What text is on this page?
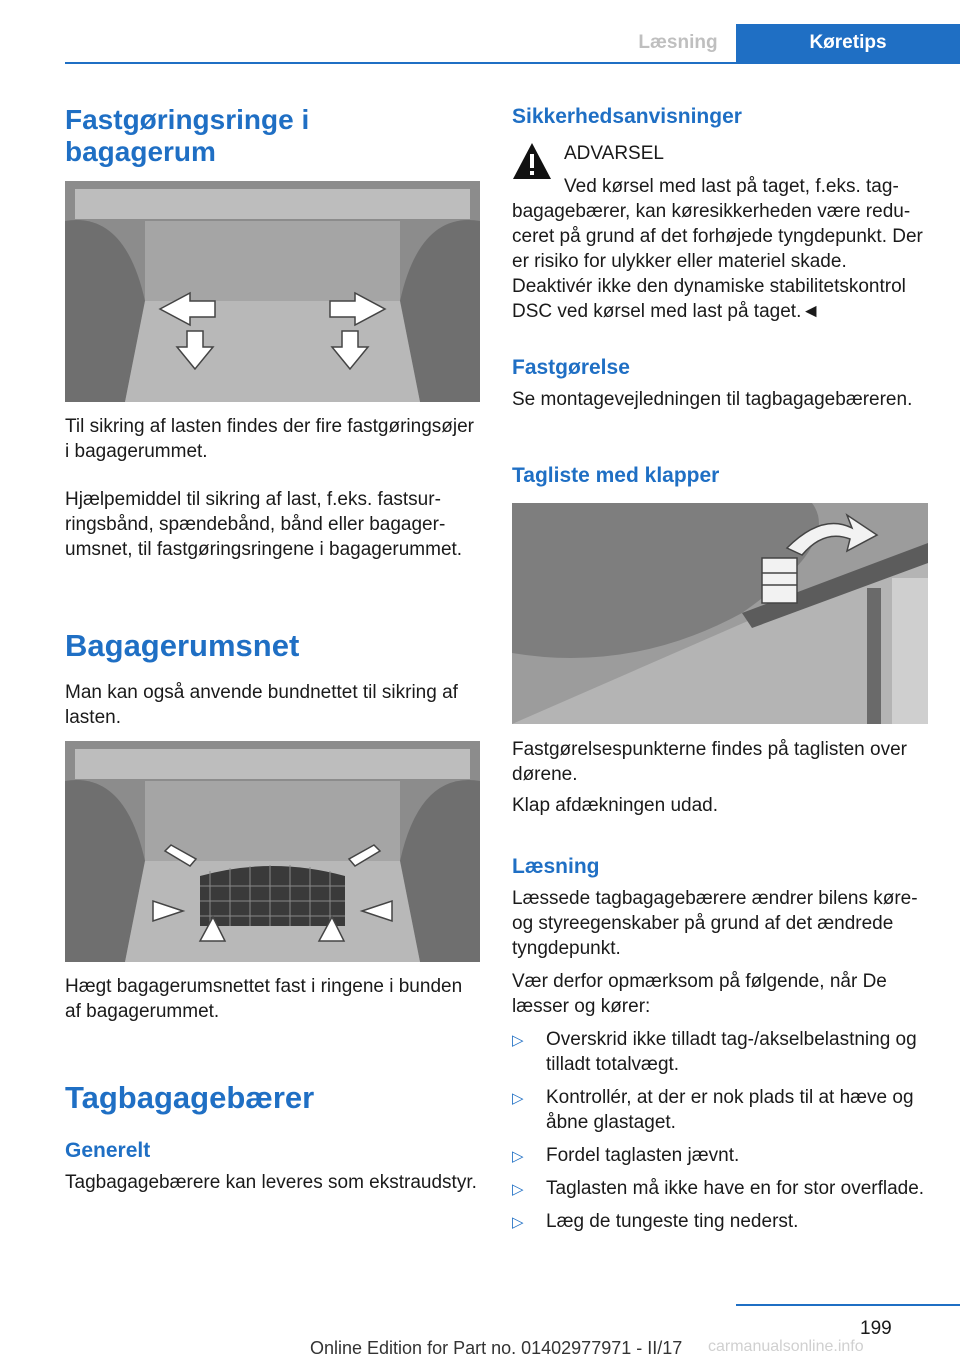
Læsning	Køretips
Fastgøringsringe i bagagerum

Til sikring af lasten findes der fire fastgøringsøjer i bagagerummet.

Hjælpemiddel til sikring af last, f.eks. fastsurringsbånd, spændebånd, bånd eller bagagerumsnet, til fastgøringsringene i bagagerummet.

Bagagerumsnet

Man kan også anvende bundnettet til sikring af lasten.

Hægt bagagerumsnettet fast i ringene i bunden af bagagerummet.

Tagbagagebærer
Generelt

Tagbagagebærere kan leveres som ekstraudstyr.

Sikkerhedsanvisninger

ADVARSEL

Ved kørsel med last på taget, f.eks. tagbagagebærer, kan køresikkerheden være reduceret på grund af det forhøjede tyngdepunkt. Der er risiko for ulykker eller materiel skade. Deaktivér ikke den dynamiske stabilitetskontrol DSC ved kørsel med last på taget.◄

Fastgørelse

Se montagevejledningen til tagbagagebæreren.

Tagliste med klapper

Fastgørelsespunkterne findes på taglisten over dørene.

Klap afdækningen udad.

Læsning

Læssede tagbagagebærere ændrer bilens køre- og styreegenskaber på grund af det ændrede tyngdepunkt.

Vær derfor opmærksom på følgende, når De læsser og kører:

▷ Overskrid ikke tilladt tag-/akselbelastning og tilladt totalvægt.
▷ Kontrollér, at der er nok plads til at hæve og åbne glastaget.
▷ Fordel taglasten jævnt.
▷ Taglasten må ikke have en for stor overflade.
▷ Læg de tungeste ting nederst.
199
Online Edition for Part no. 01402977971 - II/17 carmanualsonline.info
